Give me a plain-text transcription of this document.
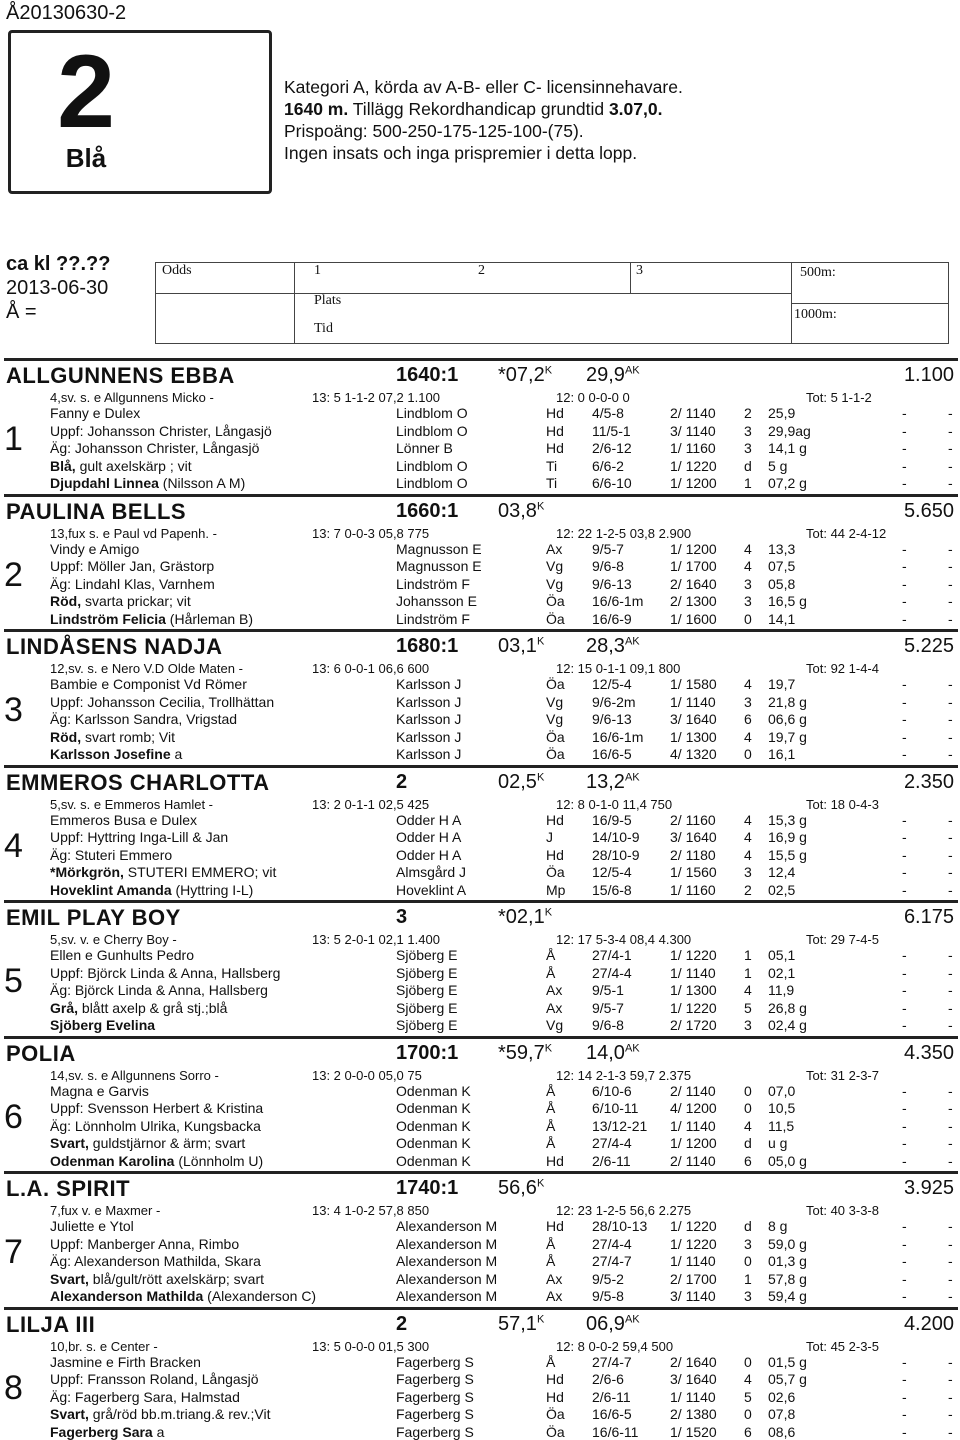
Å20130630-2
2
Blå
Kategori A, körda av A-B- eller C- licensinnehavare.
1640 m. Tillägg Rekordhandicap grundtid 3.07,0.
Prispoäng: 500-250-175-125-100-(75).
Ingen insats och inga prispremier i detta lopp.
ca kl ??.??
2013-06-30
Å =
Odds	1	2	3
Plats
Tid
500m:
1000m:
ALLGUNNENS EBBA	1640:1 $*07,2^K$ $29,9^{AK}$	1.100
4,sv. s. e Allgunnens Micko -	13: 5 1-1-2 07,2 1.100	12: 0 0-0-0 0	Tot: 5 1-1-2
1
Fanny e Dulex	Lindblom O	Hd 4/5-8	2/ 1140 2 25,9	-	-
Uppf: Johansson Christer, Långasjö	Lindblom O	Hd 11/5-1	3/ 1140 3 29,9ag	-	-
Äg: Johansson Christer, Långasjö	Lönner B	Hd 2/6-12	1/ 1160 3 14,1 g	-	-
Blå, gult axelskärp ; vit	Lindblom O	Ti 6/6-2	1/ 1220 d 5 g	-	-
Djupdahl Linnea (Nilsson A M)	Lindblom O	Ti 6/6-10	1/ 1200 1 07,2 g	-	-
PAULINA BELLS	1660:1 $03,8^K$	5.650
13,fux s. e Paul vd Papenh. -	13: 7 0-0-3 05,8 775	12: 22 1-2-5 03,8 2.900	Tot: 44 2-4-12
2
Vindy e Amigo	Magnusson E	Ax 9/5-7	1/ 1200 4 13,3	-	-
Uppf: Möller Jan, Grästorp	Magnusson E	Vg 9/6-8	1/ 1700 4 07,5	-	-
Äg: Lindahl Klas, Varnhem	Lindström F	Vg 9/6-13	2/ 1640 3 05,8	-	-
Röd, svarta prickar; vit	Johansson E	Öa 16/6-1m 2/ 1300 3 16,5 g	-	-
Lindström Felicia (Hårleman B)	Lindström F	Öa 16/6-9	1/ 1600 0 14,1	-	-
LINDÅSENS NADJA	1680:1 $03,1^K$ $28,3^{AK}$	5.225
12,sv. s. e Nero V.D Olde Maten -	13: 6 0-0-1 06,6 600	12: 15 0-1-1 09,1 800	Tot: 92 1-4-4
3
Bambie e Componist Vd Römer	Karlsson J	Öa 12/5-4	1/ 1580 4 19,7	-	-
Uppf: Johansson Cecilia, Trollhättan	Karlsson J	Vg 9/6-2m 1/ 1140 3 21,8 g	-	-
Äg: Karlsson Sandra, Vrigstad	Karlsson J	Vg 9/6-13	3/ 1640 6 06,6 g	-	-
Röd, svart romb; Vit	Karlsson J	Öa 16/6-1m 1/ 1300 4 19,7 g	-	-
Karlsson Josefine a	Karlsson J	Öa 16/6-5	4/ 1320 0 16,1	-	-
EMMEROS CHARLOTTA	2	$02,5^K$ $13,2^{AK}$	2.350
5,sv. s. e Emmeros Hamlet -	13: 2 0-1-1 02,5 425	12: 8 0-1-0 11,4 750	Tot: 18 0-4-3
4
Emmeros Busa e Dulex	Odder H A	Hd 16/9-5	2/ 1160 4 15,3 g	-	-
Uppf: Hyttring Inga-Lill & Jan	Odder H A	J	14/10-9 3/ 1640 4 16,9 g	-	-
Äg: Stuteri Emmero	Odder H A	Hd 28/10-9 2/ 1180 4 15,5 g	-	-
*Mörkgrön, STUTERI EMMERO; vit	Almsgård J	Öa 12/5-4	1/ 1560 3 12,4	-	-
Hoveklint Amanda (Hyttring I-L)	Hoveklint A	Mp 15/6-8	1/ 1160 2 02,5	-	-
EMIL PLAY BOY	3	$*02,1^K$	6.175
5,sv. v. e Cherry Boy -	13: 5 2-0-1 02,1 1.400	12: 17 5-3-4 08,4 4.300	Tot: 29 7-4-5
5
Ellen e Gunhults Pedro	Sjöberg E	Å	27/4-1	1/ 1220 1 05,1	-	-
Uppf: Björck Linda & Anna, Hallsberg	Sjöberg E	Å	27/4-4	1/ 1140 1 02,1	-	-
Äg: Björck Linda & Anna, Hallsberg	Sjöberg E	Ax 9/5-1	1/ 1300 4 11,9	-	-
Grå, blått axelp & grå stj.;blå	Sjöberg E	Ax 9/5-7	1/ 1220 5 26,8 g	-	-
Sjöberg Evelina	Sjöberg E	Vg 9/6-8	2/ 1720 3 02,4 g	-	-
POLIA	1700:1 $*59,7^K$ $14,0^{AK}$	4.350
14,sv. s. e Allgunnens Sorro -	13: 2 0-0-0 05,0 75	12: 14 2-1-3 59,7 2.375	Tot: 31 2-3-7
6
Magna e Garvis	Odenman K	Å	6/10-6	2/ 1140 0 07,0	-	-
Uppf: Svensson Herbert & Kristina	Odenman K	Å	6/10-11 4/ 1200 0 10,5	-	-
Äg: Lönnholm Ulrika, Kungsbacka	Odenman K	Å	13/12-21 1/ 1140 4 11,5	-	-
Svart, guldstjärnor & ärm; svart	Odenman K	Å	27/4-4	1/ 1200 d u g	-	-
Odenman Karolina (Lönnholm U)	Odenman K	Hd 2/6-11	2/ 1140 6 05,0 g	-	-
L.A. SPIRIT	1740:1 $56,6^K$	3.925
7,fux v. e Maxmer -	13: 4 1-0-2 57,8 850	12: 23 1-2-5 56,6 2.275	Tot: 40 3-3-8
7
Juliette e Ytol	Alexanderson M	Hd 28/10-13 1/ 1220 d 8 g	-	-
Uppf: Manberger Anna, Rimbo	Alexanderson M	Å	27/4-4	1/ 1220 3 59,0 g	-	-
Äg: Alexanderson Mathilda, Skara	Alexanderson M	Å	27/4-7	1/ 1140 0 01,3 g	-	-
Svart, blå/gult/rött axelskärp; svart	Alexanderson M	Ax 9/5-2	2/ 1700 1 57,8 g	-	-
Alexanderson Mathilda (Alexanderson C)	Alexanderson M	Ax 9/5-8	3/ 1140 3 59,4 g	-	-
LILJA III	2	$57,1^K$ $06,9^{AK}$	4.200
10,br. s. e Center -	13: 5 0-0-0 01,5 300	12: 8 0-0-2 59,4 500	Tot: 45 2-3-5
8
Jasmine e Firth Bracken	Fagerberg S	Å	27/4-7	2/ 1640 0 01,5 g	-	-
Uppf: Fransson Roland, Långasjö	Fagerberg S	Hd 2/6-6	3/ 1640 4 05,7 g	-	-
Äg: Fagerberg Sara, Halmstad	Fagerberg S	Hd 2/6-11	1/ 1140 5 02,6	-	-
Svart, grå/röd bb.m.triang.& rev.;Vit	Fagerberg S	Öa 16/6-5	2/ 1380 0 07,8	-	-
Fagerberg Sara a	Fagerberg S	Öa 16/6-11 1/ 1520 6 08,6	-	-
